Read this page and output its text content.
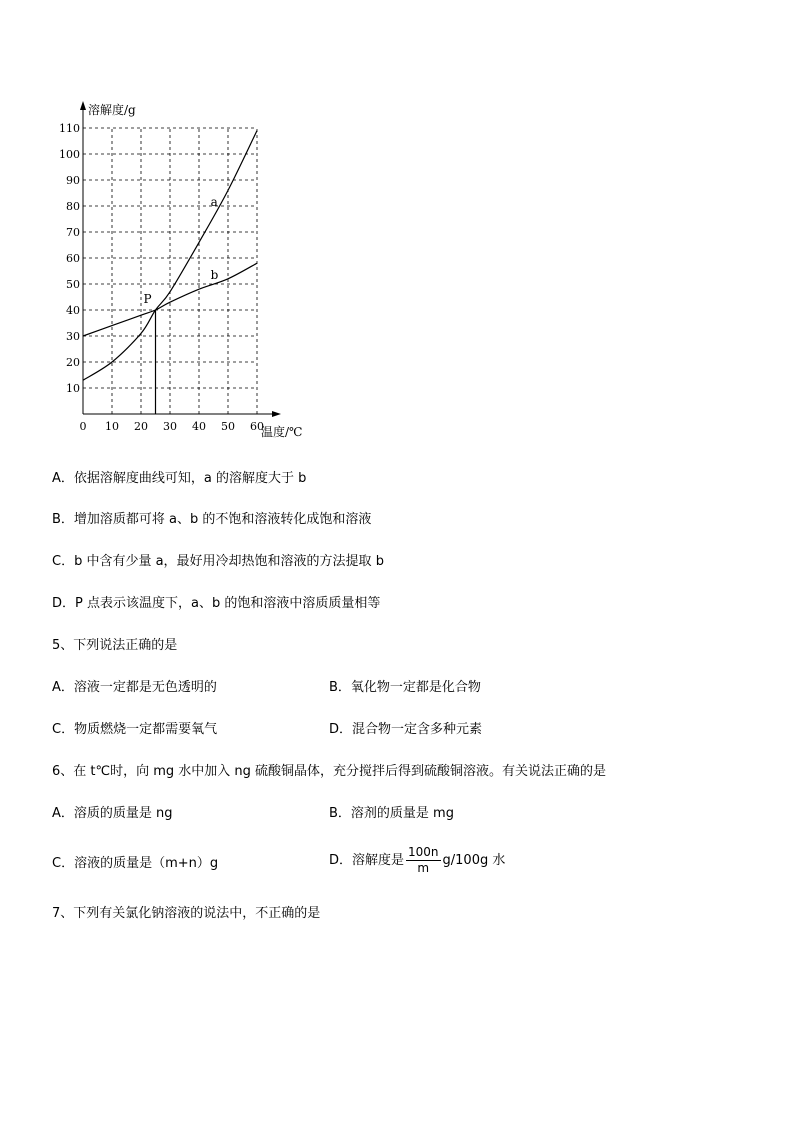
10
20
30
40
50
60
70
80
90
100
110
0 10 20 30 40 50 60
溶解度/g
温度/℃
a
b
P
A．依据溶解度曲线可知，a 的溶解度大于 b
B．增加溶质都可将 a、b 的不饱和溶液转化成饱和溶液
C．b 中含有少量 a，最好用冷却热饱和溶液的方法提取 b
D．P 点表示该温度下，a、b 的饱和溶液中溶质质量相等
5、下列说法正确的是
A．溶液一定都是无色透明的	B．氧化物一定都是化合物
C．物质燃烧一定都需要氧气	D．混合物一定含多种元素
6、在 t℃时，向 mg 水中加入 ng 硫酸铜晶体，充分搅拌后得到硫酸铜溶液。有关说法正确的是
A．溶质的质量是 ng	B．溶剂的质量是 mg
C．溶液的质量是（m+n）g	D．溶解度是 $\frac{100n}{m} g/100g$ 水
7、下列有关氯化钠溶液的说法中，不正确的是
